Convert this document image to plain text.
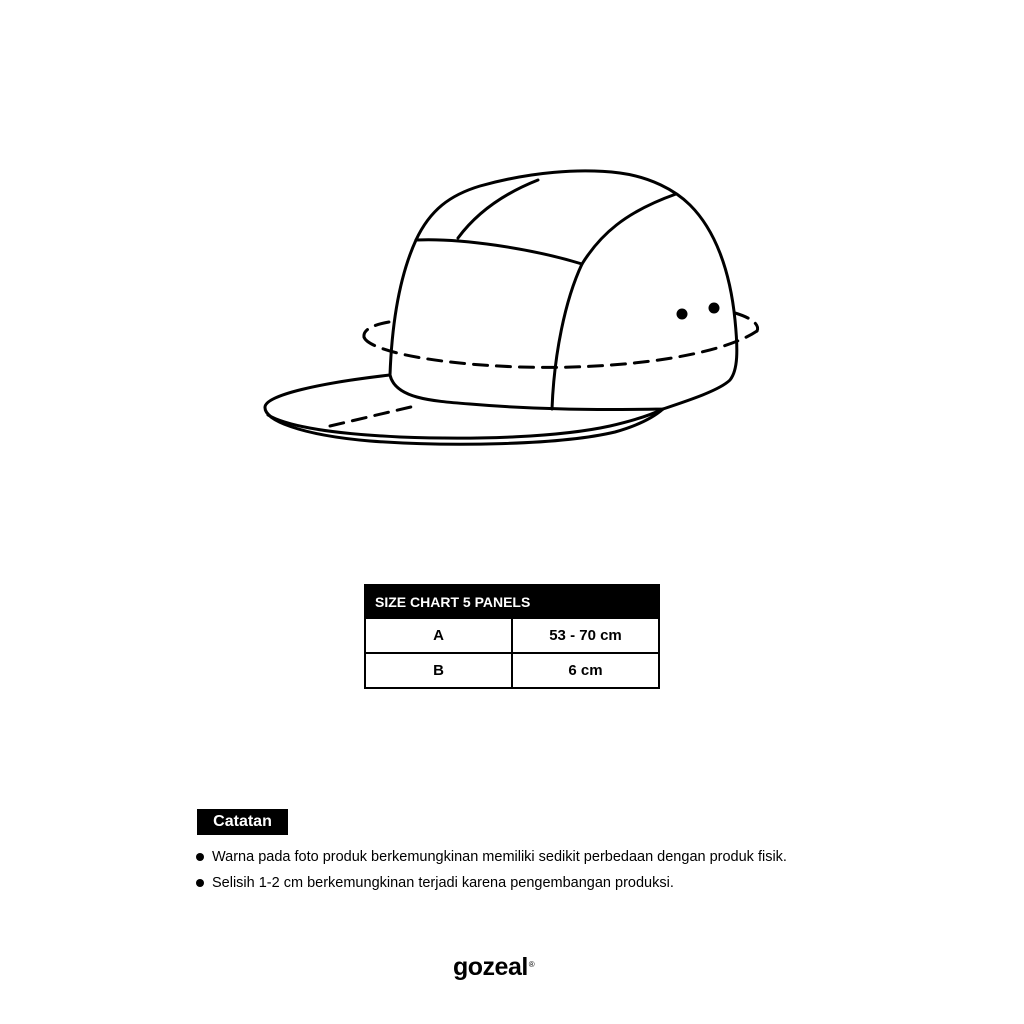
SIZE CHART 5 PANELS	
A	53 - 70 cm
B	6 cm
Catatan
Warna pada foto produk berkemungkinan memiliki sedikit perbedaan dengan produk fisik.
Selisih 1-2 cm berkemungkinan terjadi karena pengembangan produksi.
gozeal®
